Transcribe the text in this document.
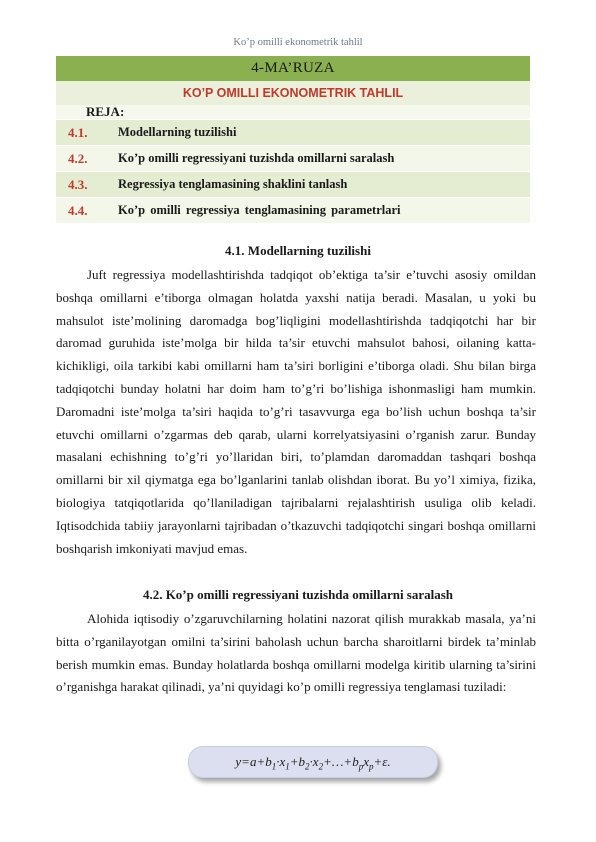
Ko’p omilli ekonometrik tahlil
4-MA’RUZA	
KO’P OMILLI EKONOMETRIK TAHLIL	
REJA:	
4.1.	Modellarning tuzilishi
4.2.	Ko’p omilli regressiyani tuzishda omillarni saralash
4.3.	Regressiya tenglamasining shaklini tanlash
4.4.	Ko’p omilli regressiya tenglamasining parametrlari
4.1. Modellarning tuzilishi

Juft regressiya modellashtirishda tadqiqot ob’ektiga ta’sir e’tuvchi asosiy omildan boshqa omillarni e’tiborga olmagan holatda yaxshi natija beradi. Masalan, u yoki bu mahsulot iste’molining daromadga bog’liqligini modellashtirishda tadqiqotchi har bir daromad guruhida iste’molga bir hilda ta’sir etuvchi mahsulot bahosi, oilaning katta-kichikligi, oila tarkibi kabi omillarni ham ta’siri borligini e’tiborga oladi. Shu bilan birga tadqiqotchi bunday holatni har doim ham to’g’ri bo’lishiga ishonmasligi ham mumkin. Daromadni iste’molga ta’siri haqida to’g’ri tasavvurga ega bo’lish uchun boshqa ta’sir etuvchi omillarni o’zgarmas deb qarab, ularni korrelyatsiyasini o’rganish zarur. Bunday masalani echishning to’g’ri yo’llaridan biri, to’plamdan daromaddan tashqari boshqa omillarni bir xil qiymatga ega bo’lganlarini tanlab olishdan iborat. Bu yo’l ximiya, fizika, biologiya tatqiqotlarida qo’llaniladigan tajribalarni rejalashtirish usuliga olib keladi. Iqtisodchida tabiiy jarayonlarni tajribadan o’tkazuvchi tadqiqotchi singari boshqa omillarni boshqarish imkoniyati mavjud emas.

4.2. Ko’p omilli regressiyani tuzishda omillarni saralash

Alohida iqtisodiy o’zgaruvchilarning holatini nazorat qilish murakkab masala, ya’ni bitta o’rganilayotgan omilni ta’sirini baholash uchun barcha sharoitlarni birdek ta’minlab berish mumkin emas. Bunday holatlarda boshqa omillarni modelga kiritib ularning ta’sirini o’rganishga harakat qilinadi, ya’ni quyidagi ko’p omilli regressiya tenglamasi tuziladi:

$y=a+b_1\cdot x_1+b_2\cdot x_2+\dots+b_px_p+\varepsilon$.
